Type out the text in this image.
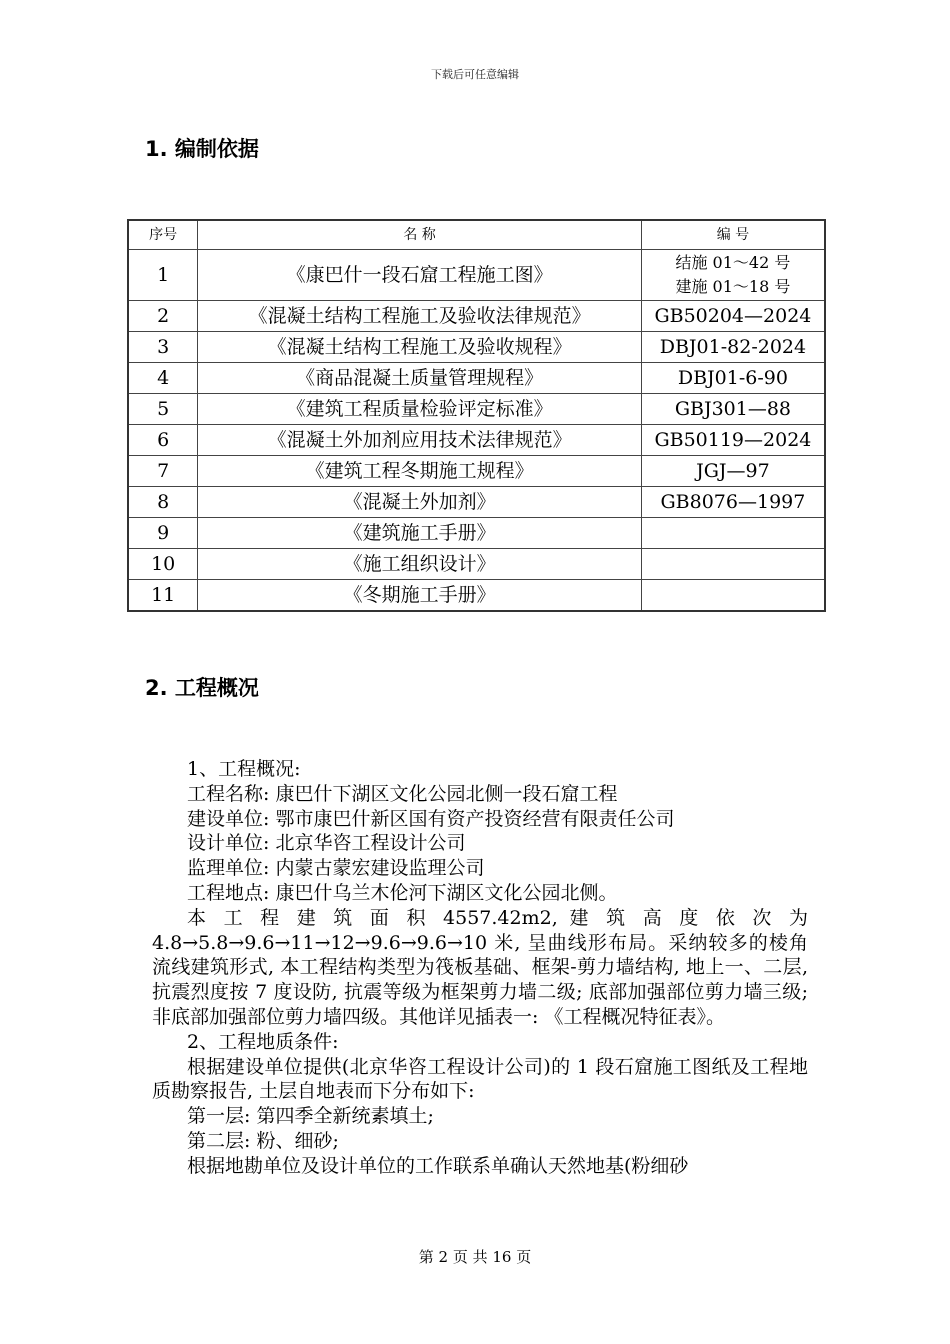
下载后可任意编辑
1. 编制依据
序号	名 称	编 号
1	《康巴什一段石窟工程施工图》	结施 01～42 号
建施 01～18 号

2	《混凝土结构工程施工及验收法律规范》	GB50204—2024
3	《混凝土结构工程施工及验收规程》	DBJ01-82-2024
4	《商品混凝土质量管理规程》	DBJ01-6-90
5	《建筑工程质量检验评定标准》	GBJ301—88
6	《混凝土外加剂应用技术法律规范》	GB50119—2024
7	《建筑工程冬期施工规程》	JGJ—97
8	《混凝土外加剂》	GB8076—1997
9	《建筑施工手册》	
10	《施工组织设计》	
11	《冬期施工手册》	
2. 工程概况

1、工程概况:

工程名称: 康巴什下湖区文化公园北侧一段石窟工程

建设单位: 鄂市康巴什新区国有资产投资经营有限责任公司

设计单位: 北京华咨工程设计公司

监理单位: 内蒙古蒙宏建设监理公司

工程地点: 康巴什乌兰木伦河下湖区文化公园北侧。

本 工 程 建 筑 面 积 4557.42m2, 建 筑 高 度 依 次 为

4.8→5.8→9.6→11→12→9.6→9.6→10 米, 呈曲线形布局。采纳较多的棱角流线建筑形式, 本工程结构类型为筏板基础、框架-剪力墙结构, 地上一、二层, 抗震烈度按 7 度设防, 抗震等级为框架剪力墙二级; 底部加强部位剪力墙三级; 非底部加强部位剪力墙四级。其他详见插表一: 《工程概况特征表》。

2、工程地质条件:

根据建设单位提供(北京华咨工程设计公司)的 1 段石窟施工图纸及工程地质勘察报告, 土层自地表而下分布如下:

第一层: 第四季全新统素填土;

第二层: 粉、细砂;

根据地勘单位及设计单位的工作联系单确认天然地基(粉细砂

第 2 页 共 16 页
